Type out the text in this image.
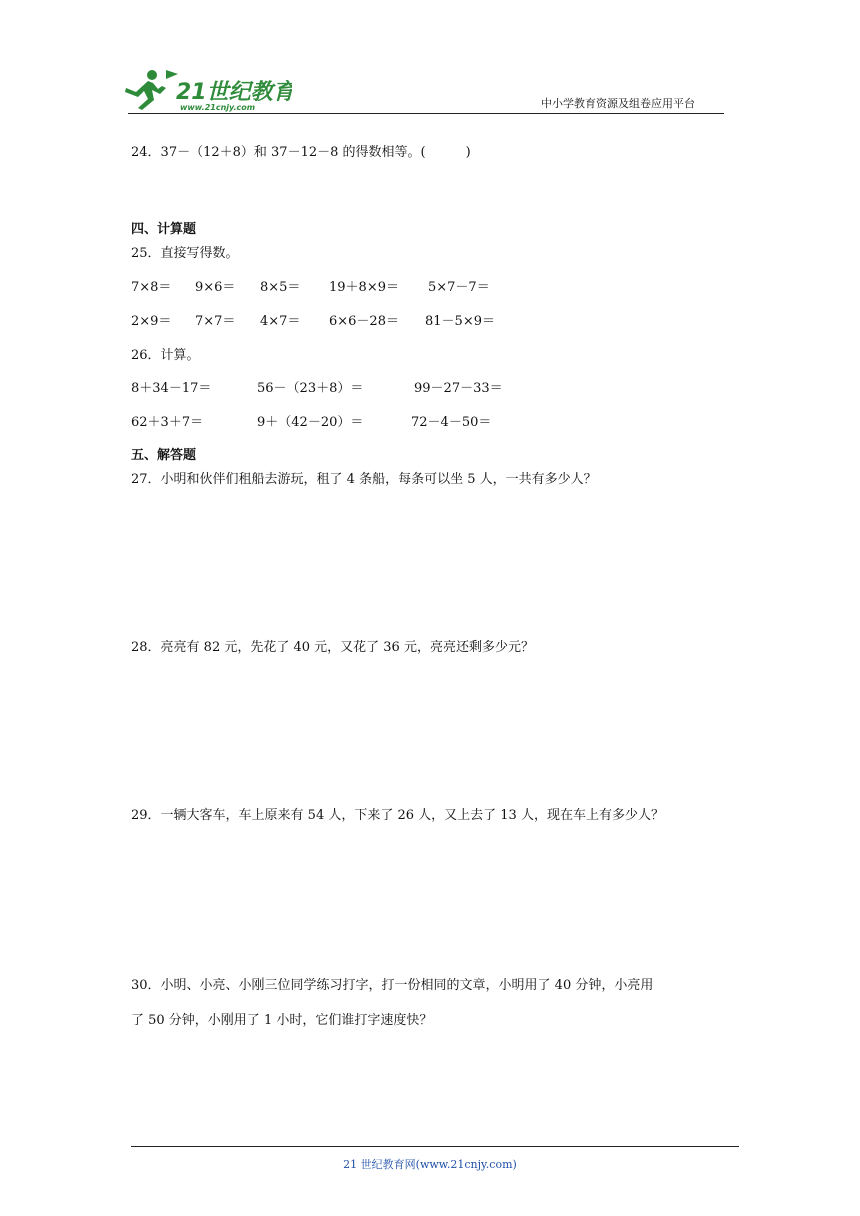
21世纪教育
www.21cnjy.com	中小学教育资源及组卷应用平台
24．37－（12＋8）和 37－12－8 的得数相等。(	)
四、计算题
25．直接写得数。
7×8＝ 9×6＝ 8×5＝ 19＋8×9＝ 5×7－7＝
2×9＝ 7×7＝ 4×7＝ 6×6－28＝ 81－5×9＝
26．计算。
8＋34－17＝	56－（23＋8）＝	99－27－33＝
62＋3＋7＝	9＋（42－20）＝	72－4－50＝
五、解答题
27．小明和伙伴们租船去游玩，租了 4 条船，每条可以坐 5 人，一共有多少人？
28．亮亮有 82 元，先花了 40 元，又花了 36 元，亮亮还剩多少元？
29．一辆大客车，车上原来有 54 人，下来了 26 人，又上去了 13 人，现在车上有多少人？
30．小明、小亮、小刚三位同学练习打字，打一份相同的文章，小明用了 40 分钟，小亮用
了 50 分钟，小刚用了 1 小时，它们谁打字速度快？
21 世纪教育网(www.21cnjy.com)
